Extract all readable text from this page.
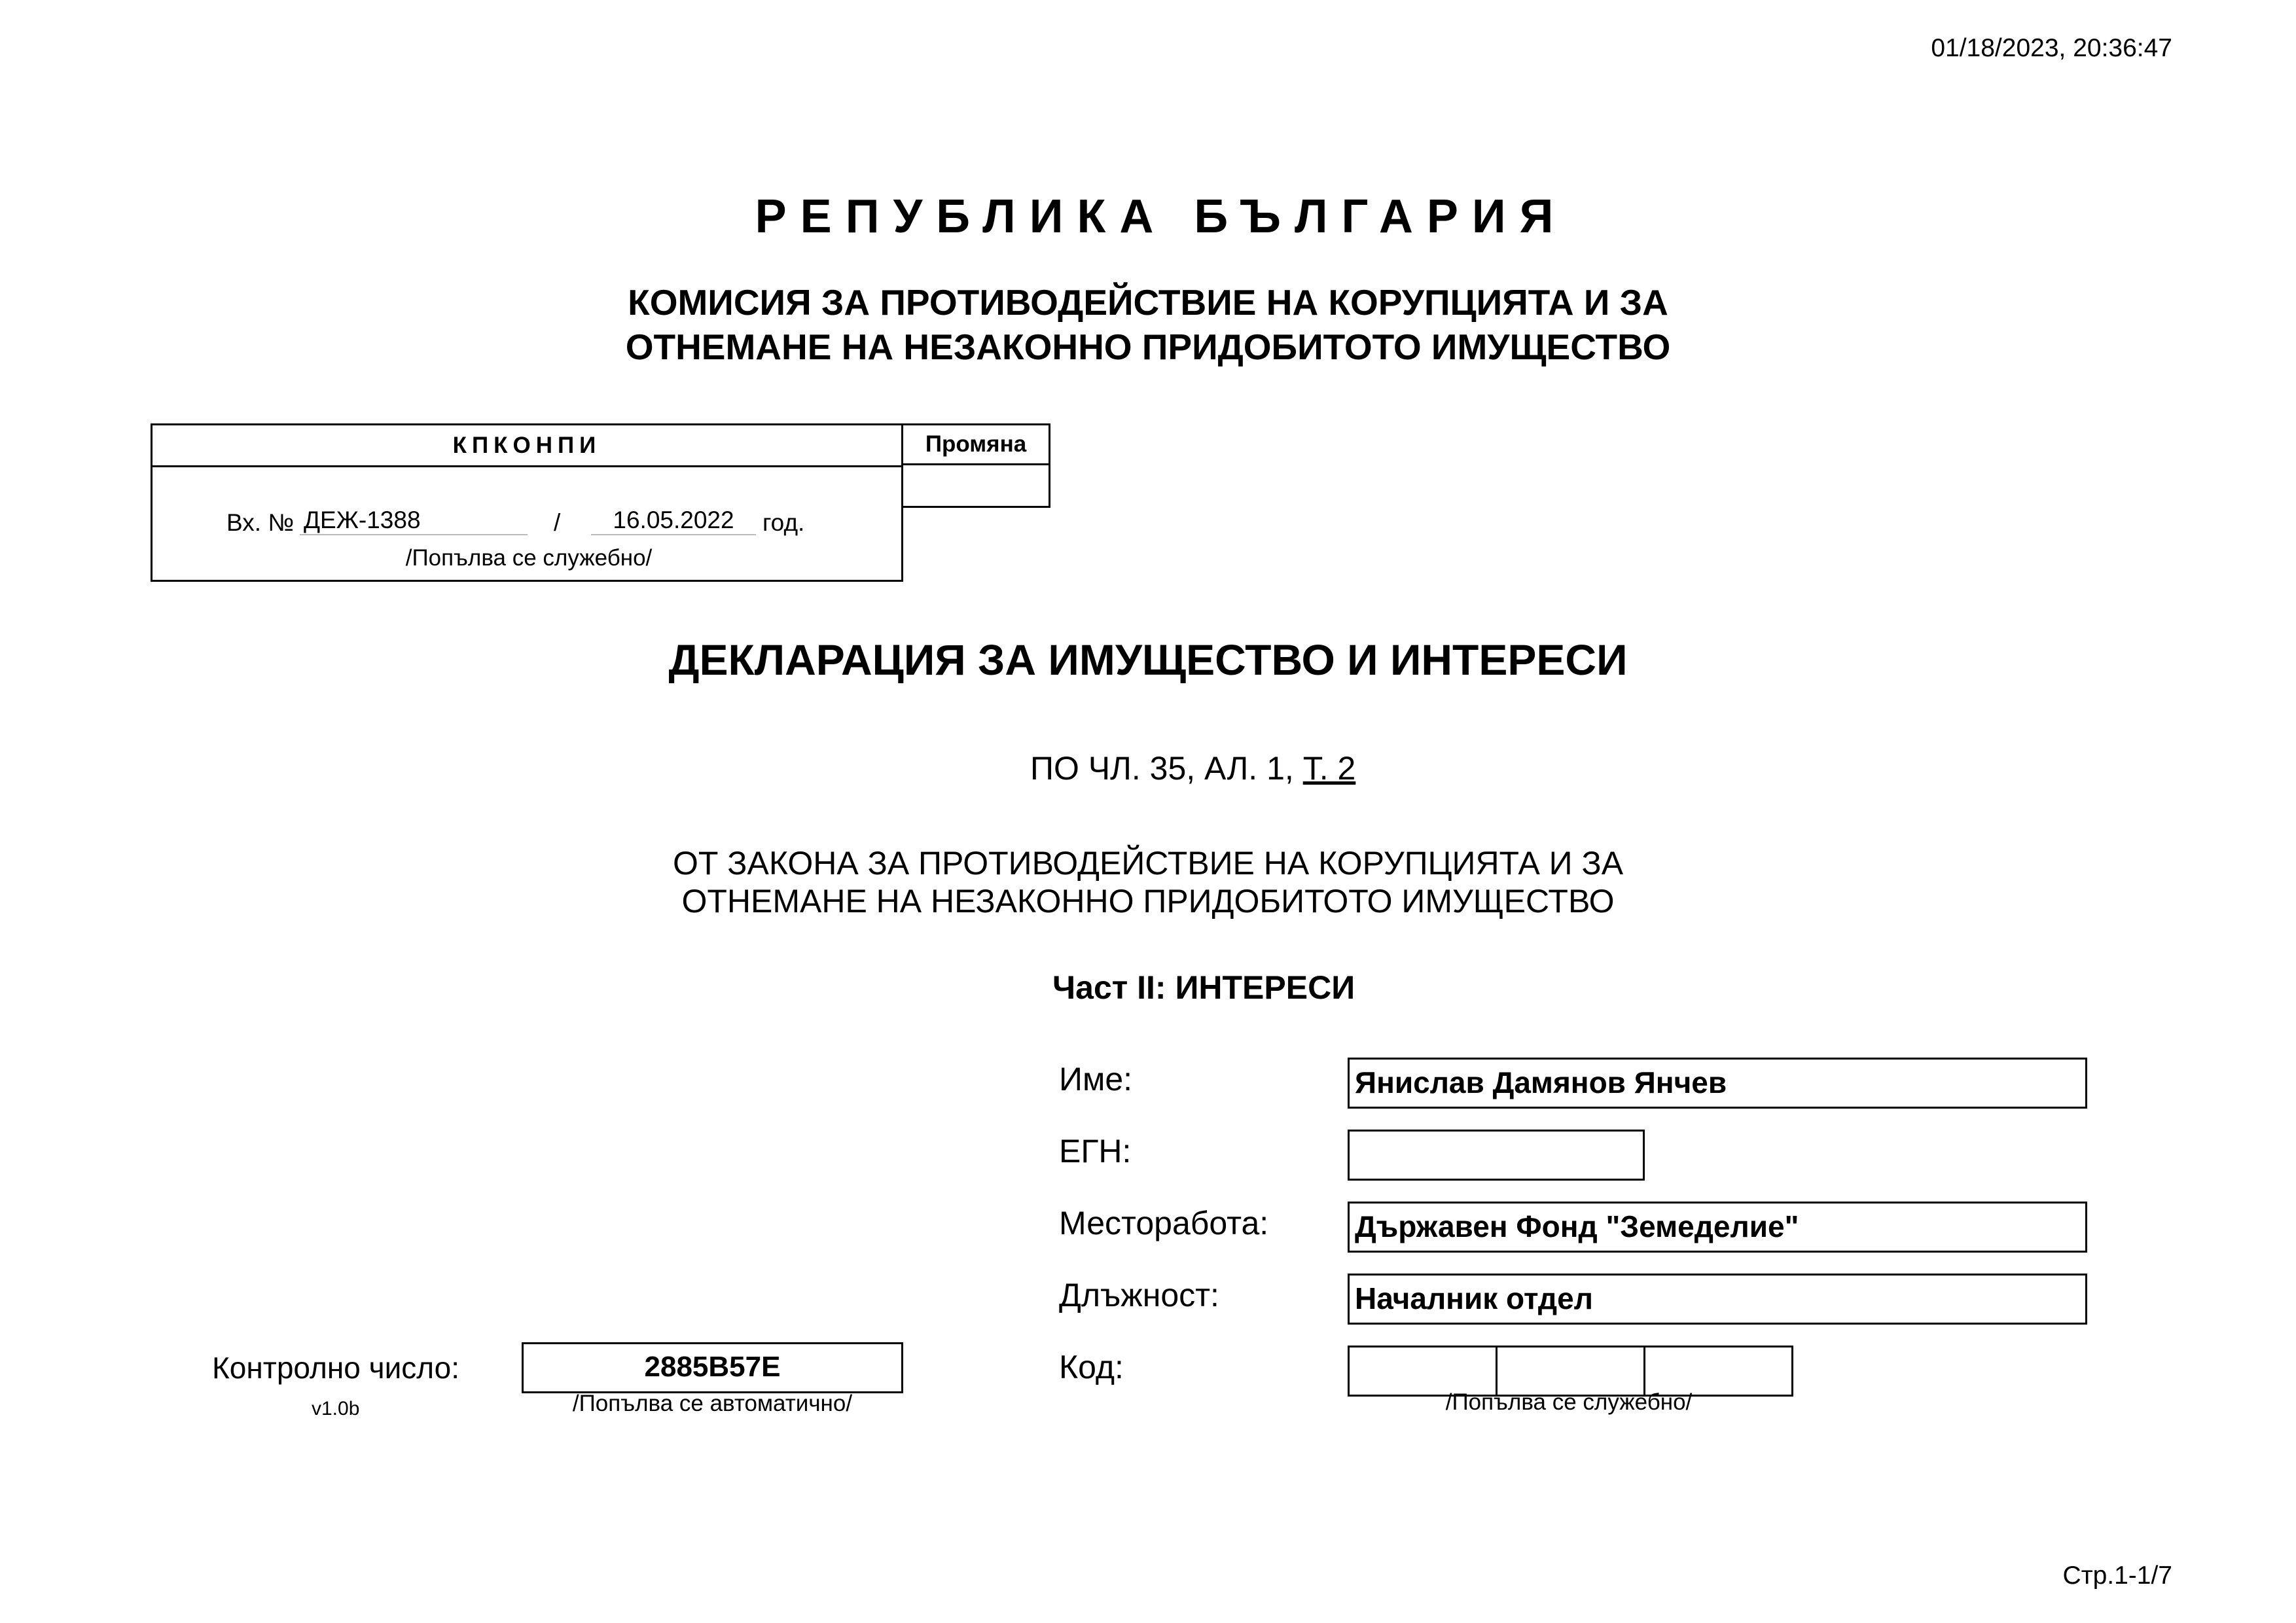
01/18/2023, 20:36:47
РЕПУБЛИКА БЪЛГАРИЯ
КОМИСИЯ ЗА ПРОТИВОДЕЙСТВИЕ НА КОРУПЦИЯТА И ЗА
ОТНЕМАНЕ НА НЕЗАКОННО ПРИДОБИТОТО ИМУЩЕСТВО
КПКОНПИ
Вх. № ДЕЖ-1388	/	16.05.2022	год.
/Попълва се служебно/
Промяна
ДЕКЛАРАЦИЯ ЗА ИМУЩЕСТВО И ИНТЕРЕСИ
ПО ЧЛ. 35, АЛ. 1, Т. 2
ОТ ЗАКОНА ЗА ПРОТИВОДЕЙСТВИЕ НА КОРУПЦИЯТА И ЗА
ОТНЕМАНЕ НА НЕЗАКОННО ПРИДОБИТОТО ИМУЩЕСТВО
Част II: ИНТЕРЕСИ
Име:	Янислав Дамянов Янчев
ЕГН:
Месторабота:	Държавен Фонд "Земеделие"
Длъжност:	Началник отдел
Код:
/Попълва се служебно/
Контролно число:	2885B57E
v1.0b	/Попълва се автоматично/
Стр.1-1/7
